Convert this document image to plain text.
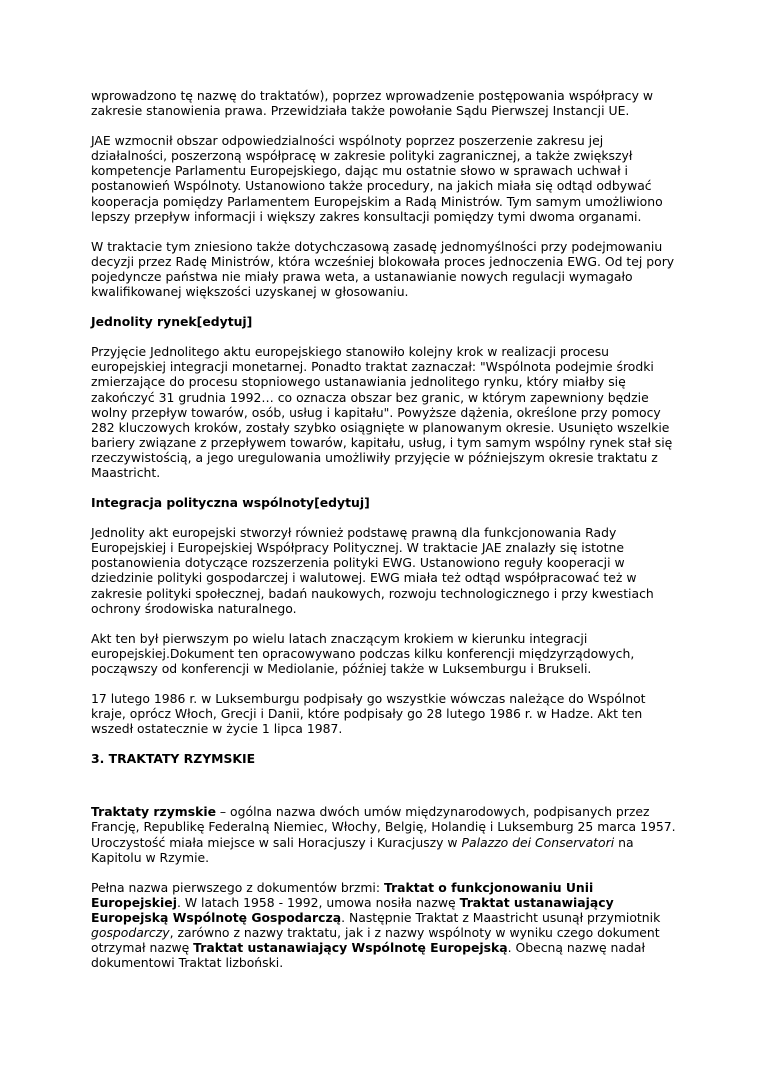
wprowadzono tę nazwę do traktatów), poprzez wprowadzenie postępowania współpracy w zakresie stanowienia prawa. Przewidziała także powołanie Sądu Pierwszej Instancji UE.

JAE wzmocnił obszar odpowiedzialności wspólnoty poprzez poszerzenie zakresu jej działalności, poszerzoną współpracę w zakresie polityki zagranicznej, a także zwiększył kompetencje Parlamentu Europejskiego, dając mu ostatnie słowo w sprawach uchwał i postanowień Wspólnoty. Ustanowiono także procedury, na jakich miała się odtąd odbywać kooperacja pomiędzy Parlamentem Europejskim a Radą Ministrów. Tym samym umożliwiono lepszy przepływ informacji i większy zakres konsultacji pomiędzy tymi dwoma organami.

W traktacie tym zniesiono także dotychczasową zasadę jednomyślności przy podejmowaniu decyzji przez Radę Ministrów, która wcześniej blokowała proces jednoczenia EWG. Od tej pory pojedyncze państwa nie miały prawa weta, a ustanawianie nowych regulacji wymagało kwalifikowanej większości uzyskanej w głosowaniu.

Jednolity rynek[edytuj]

Przyjęcie Jednolitego aktu europejskiego stanowiło kolejny krok w realizacji procesu europejskiej integracji monetarnej. Ponadto traktat zaznaczał: "Wspólnota podejmie środki zmierzające do procesu stopniowego ustanawiania jednolitego rynku, który miałby się zakończyć 31 grudnia 1992… co oznacza obszar bez granic, w którym zapewniony będzie wolny przepływ towarów, osób, usług i kapitału". Powyższe dążenia, określone przy pomocy 282 kluczowych kroków, zostały szybko osiągnięte w planowanym okresie. Usunięto wszelkie bariery związane z przepływem towarów, kapitału, usług, i tym samym wspólny rynek stał się rzeczywistością, a jego uregulowania umożliwiły przyjęcie w późniejszym okresie traktatu z Maastricht.

Integracja polityczna wspólnoty[edytuj]

Jednolity akt europejski stworzył również podstawę prawną dla funkcjonowania Rady Europejskiej i Europejskiej Współpracy Politycznej. W traktacie JAE znalazły się istotne postanowienia dotyczące rozszerzenia polityki EWG. Ustanowiono reguły kooperacji w dziedzinie polityki gospodarczej i walutowej. EWG miała też odtąd współpracować też w zakresie polityki społecznej, badań naukowych, rozwoju technologicznego i przy kwestiach ochrony środowiska naturalnego.

Akt ten był pierwszym po wielu latach znaczącym krokiem w kierunku integracji europejskiej.Dokument ten opracowywano podczas kilku konferencji międzyrządowych, począwszy od konferencji w Mediolanie, później także w Luksemburgu i Brukseli.

17 lutego 1986 r. w Luksemburgu podpisały go wszystkie wówczas należące do Wspólnot kraje, oprócz Włoch, Grecji i Danii, które podpisały go 28 lutego 1986 r. w Hadze. Akt ten wszedł ostatecznie w życie 1 lipca 1987.

3. TRAKTATY RZYMSKIE

Traktaty rzymskie – ogólna nazwa dwóch umów międzynarodowych, podpisanych przez Francję, Republikę Federalną Niemiec, Włochy, Belgię, Holandię i Luksemburg 25 marca 1957. Uroczystość miała miejsce w sali Horacjuszy i Kuracjuszy w Palazzo dei Conservatori na Kapitolu w Rzymie.

Pełna nazwa pierwszego z dokumentów brzmi: Traktat o funkcjonowaniu Unii Europejskiej. W latach 1958 - 1992, umowa nosiła nazwę Traktat ustanawiający Europejską Wspólnotę Gospodarczą. Następnie Traktat z Maastricht usunął przymiotnik gospodarczy, zarówno z nazwy traktatu, jak i z nazwy wspólnoty w wyniku czego dokument otrzymał nazwę Traktat ustanawiający Wspólnotę Europejską. Obecną nazwę nadał dokumentowi Traktat lizboński.
